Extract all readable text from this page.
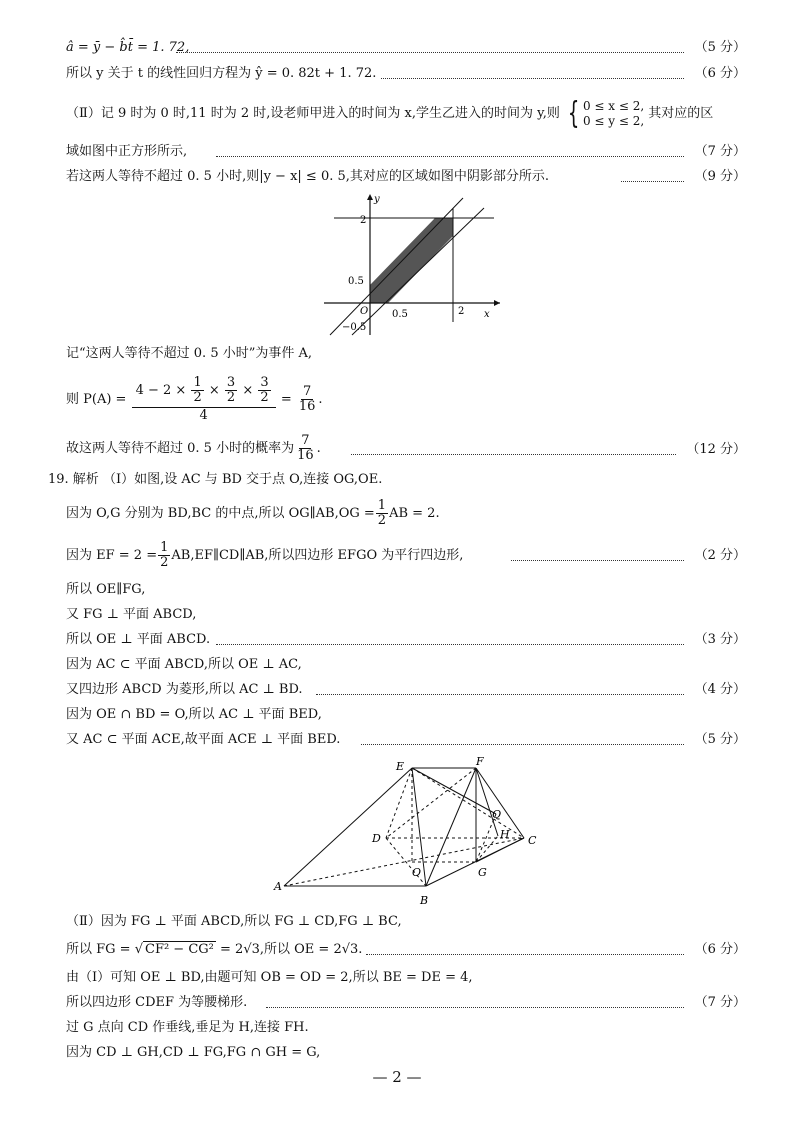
â = ȳ − b̂t̄ = 1. 72,	（5 分）
所以 y 关于 t 的线性回归方程为 ŷ = 0. 82t + 1. 72.	（6 分）
（Ⅱ）记 9 时为 0 时,11 时为 2 时,设老师甲进入的时间为 x,学生乙进入的时间为 y,则 { 0 ≤ x ≤ 2,
0 ≤ y ≤ 2, 其对应的区
域如图中正方形所示,	（7 分）
若这两人等待不超过 0. 5 小时,则|y − x| ≤ 0. 5,其对应的区域如图中阴影部分所示.	（9 分）
y
x
2
0.5
O
−0.5
0.5	2
记“这两人等待不超过 0. 5 小时”为事件 A,
则 $P(A) = \frac{4 - 2 \times \frac{1}{2} \times \frac{3}{2} \times \frac{3}{2}}{4} = \frac{7}{16}$ .
故这两人等待不超过 0. 5 小时的概率为 $\frac{7}{16}$ .	（12 分）
19. 解析 （Ⅰ）如图,设 AC 与 BD 交于点 O,连接 OG,OE.
因为 O,G 分别为 BD,BC 的中点,所以 OG∥AB,OG = $\frac{1}{2}$ AB = 2.
因为 EF = $2 = \frac{1}{2}$ AB,EF∥CD∥AB,所以四边形 EFGO 为平行四边形,	（2 分）
所以 OE∥FG,
又 FG ⊥ 平面 ABCD,
所以 OE ⊥ 平面 ABCD.	（3 分）
因为 AC ⊂ 平面 ABCD,所以 OE ⊥ AC,
又四边形 ABCD 为菱形,所以 AC ⊥ BD.	（4 分）
因为 OE ∩ BD = O,所以 AC ⊥ 平面 BED,
又 AC ⊂ 平面 ACE,故平面 ACE ⊥ 平面 BED.	（5 分）
E	F
Q
H C
D
O	G
A
B
（Ⅱ）因为 FG ⊥ 平面 ABCD,所以 FG ⊥ CD,FG ⊥ BC,
所以 FG = √ CF² − CG² = 2√3,所以 OE = 2√3.	（6 分）
由（Ⅰ）可知 OE ⊥ BD,由题可知 OB = OD = 2,所以 BE = DE = 4,
所以四边形 CDEF 为等腰梯形.	（7 分）
过 G 点向 CD 作垂线,垂足为 H,连接 FH.
因为 CD ⊥ GH,CD ⊥ FG,FG ∩ GH = G,
— 2 —
